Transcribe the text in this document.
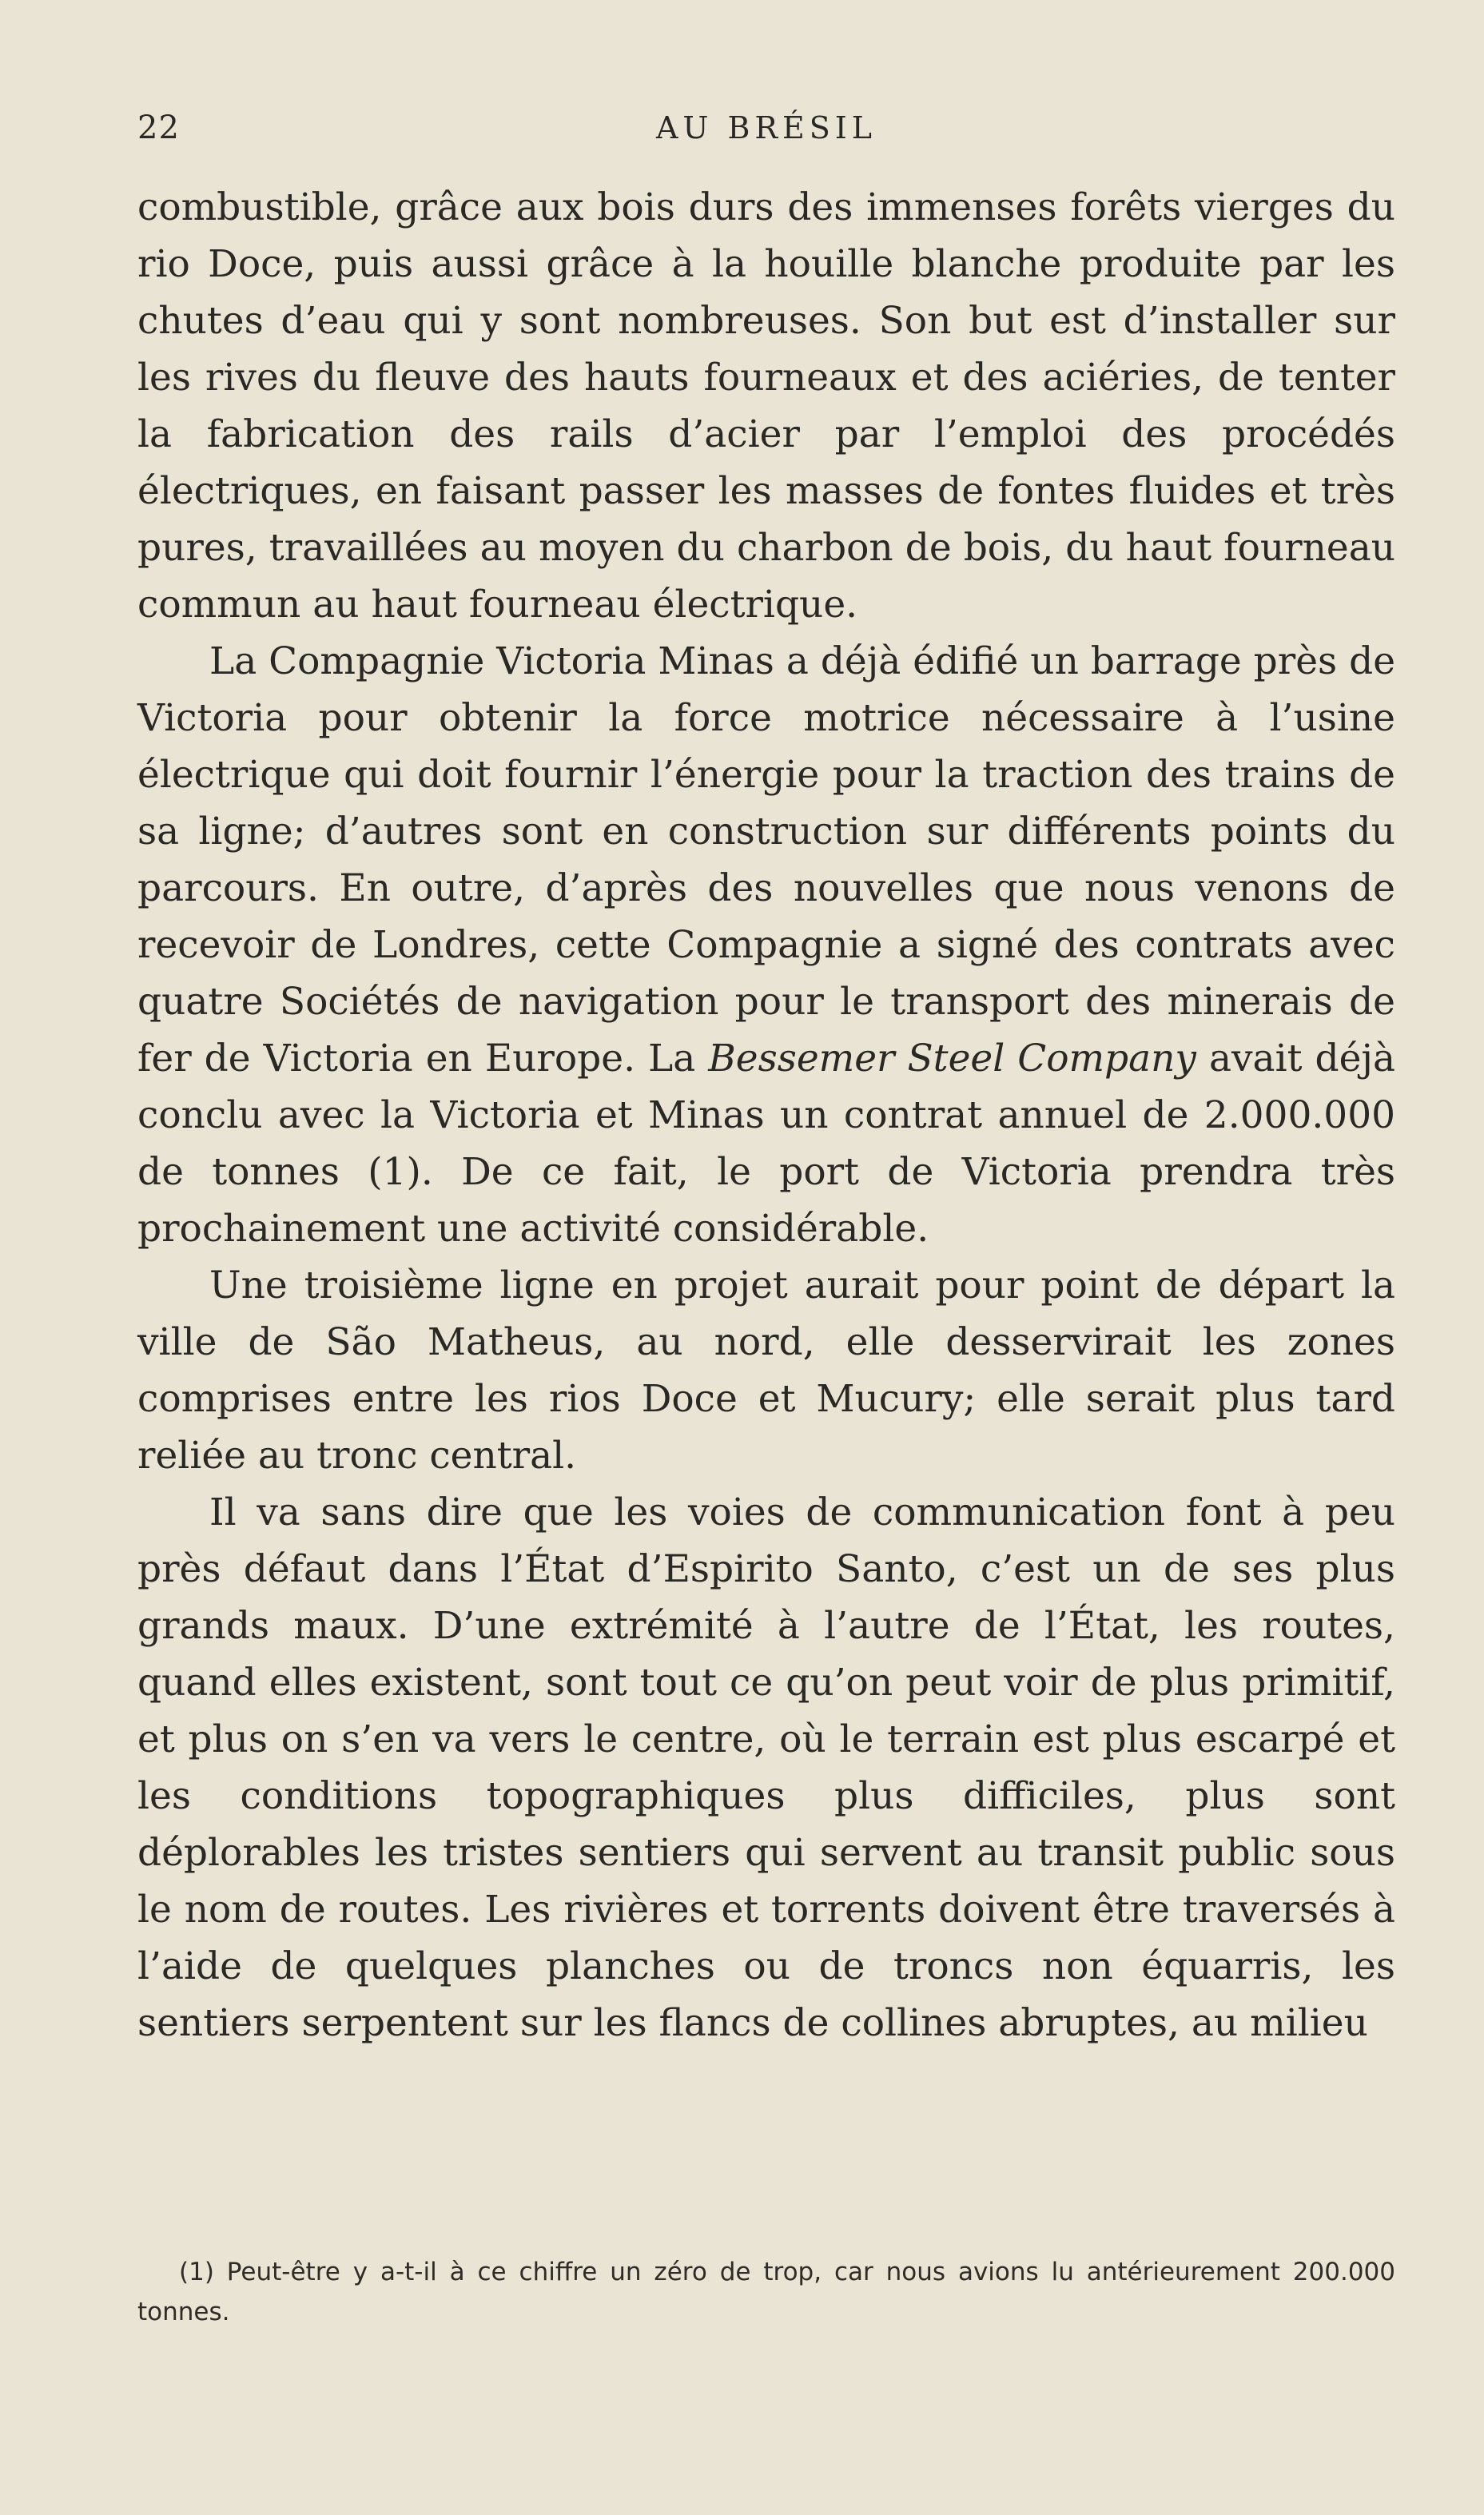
22	AU BRÉSIL

combustible, grâce aux bois durs des immenses forêts vierges du rio Doce, puis aussi grâce à la houille blanche produite par les chutes d’eau qui y sont nombreuses. Son but est d’installer sur les rives du fleuve des hauts fourneaux et des aciéries, de tenter la fabrication des rails d’acier par l’emploi des procédés électriques, en faisant passer les masses de fontes fluides et très pures, travaillées au moyen du charbon de bois, du haut fourneau commun au haut fourneau électrique.

La Compagnie Victoria Minas a déjà édifié un barrage près de Victoria pour obtenir la force motrice nécessaire à l’usine électrique qui doit fournir l’énergie pour la traction des trains de sa ligne; d’autres sont en construction sur différents points du parcours. En outre, d’après des nouvelles que nous venons de recevoir de Londres, cette Compagnie a signé des contrats avec quatre Sociétés de navigation pour le transport des minerais de fer de Victoria en Europe. La Bessemer Steel Company avait déjà conclu avec la Victoria et Minas un contrat annuel de 2.000.000 de tonnes (1). De ce fait, le port de Victoria prendra très prochainement une activité considérable.

Une troisième ligne en projet aurait pour point de départ la ville de São Matheus, au nord, elle desservirait les zones comprises entre les rios Doce et Mucury; elle serait plus tard reliée au tronc central.

Il va sans dire que les voies de communication font à peu près défaut dans l’État d’Espirito Santo, c’est un de ses plus grands maux. D’une extrémité à l’autre de l’État, les routes, quand elles existent, sont tout ce qu’on peut voir de plus primitif, et plus on s’en va vers le centre, où le terrain est plus escarpé et les conditions topographiques plus difficiles, plus sont déplorables les tristes sentiers qui servent au transit public sous le nom de routes. Les rivières et torrents doivent être traversés à l’aide de quelques planches ou de troncs non équarris, les sentiers serpentent sur les flancs de collines abruptes, au milieu

(1) Peut-être y a-t-il à ce chiffre un zéro de trop, car nous avions lu antérieurement 200.000 tonnes.
